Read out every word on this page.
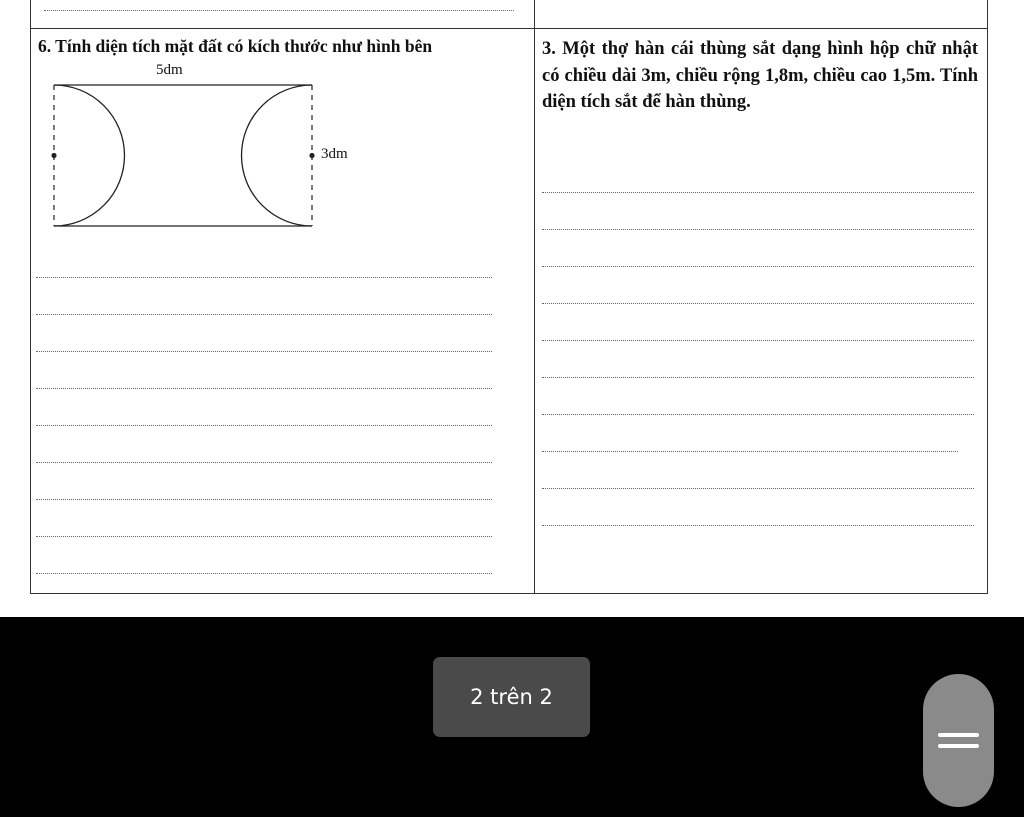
6. Tính diện tích mặt đất có kích thước như hình bên
5dm
3dm
3. Một thợ hàn cái thùng sắt dạng hình hộp chữ nhật có chiều dài 3m, chiều rộng 1,8m, chiều cao 1,5m. Tính diện tích sắt để hàn thùng.
2 trên 2
